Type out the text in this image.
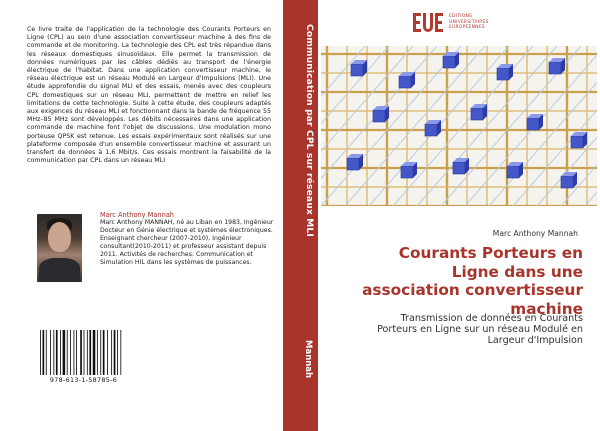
Ce livre traite de l'application de la technologie des Courants Porteurs en Ligne (CPL) au sein d'une association convertisseur machine à des fins de commande et de monitoring. La technologie des CPL est très répandue dans les réseaux domestiques sinusoïdaux. Elle permet la transmission de données numériques par les câbles dédiés au transport de l'énergie électrique de l'habitat. Dans une application convertisseur machine, le réseau électrique est un réseau Modulé en Largeur d'Impulsions (MLI). Une étude approfondie du signal MLI et des essais, menés avec des coupleurs CPL domestiques sur un réseau MLI, permettent de mettre en relief les limitations de cette technologie. Suite à cette étude, des coupleurs adaptés aux exigences du réseau MLI et fonctionnant dans la bande de fréquence 55 MHz–85 MHz sont développés. Les débits nécessaires dans une application commande de machine font l'objet de discussions. Une modulation mono porteuse QPSK est retenue. Les essais expérimentaux sont réalisés sur une plateforme composée d'un ensemble convertisseur machine et assurant un transfert de données à 1,6 Mbit/s. Ces essais montrent la faisabilité de la communication par CPL dans un réseau MLI
Marc Anthony Mannah
Marc Anthony MANNAH, né au Liban en 1983, Ingénieur Docteur en Génie électrique et systèmes électroniques. Enseignant chercheur (2007-2010), Ingénieur consultant(2010-2011) et professeur assistant depuis 2011. Activités de recherches: Communication et Simulation HIL dans les systèmes de puissances.
978-613-1-58785-6
Communication par CPL sur réseaux MLI
Mannah
EDITIONS
UNIVERSITAIRES
EUROPEENNES
Marc Anthony Mannah
Courants Porteurs en Ligne dans une association convertisseur machine
Transmission de données en Courants Porteurs en Ligne sur un réseau Modulé en Largeur d'Impulsion
